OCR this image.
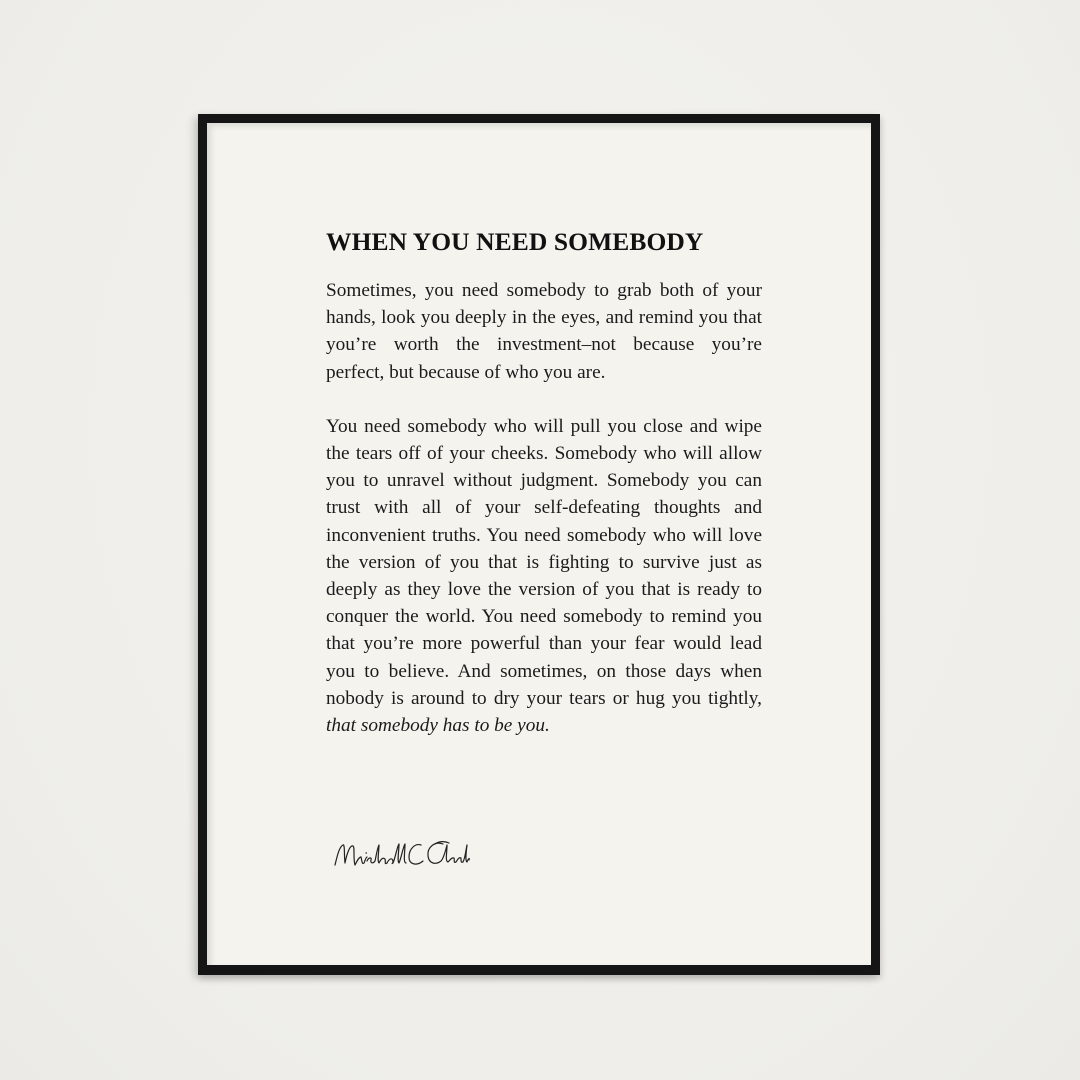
WHEN YOU NEED SOMEBODY

Sometimes, you need somebody to grab both of your hands, look you deeply in the eyes, and remind you that you’re worth the investment–not because you’re perfect, but because of who you are.

You need somebody who will pull you close and wipe the tears off of your cheeks. Somebody who will allow you to unravel without judgment. Somebody you can trust with all of your self-defeating thoughts and inconvenient truths. You need somebody who will love the version of you that is fighting to survive just as deeply as they love the version of you that is ready to conquer the world. You need somebody to remind you that you’re more powerful than your fear would lead you to believe. And sometimes, on those days when nobody is around to dry your tears or hug you tightly, that somebody has to be you.
